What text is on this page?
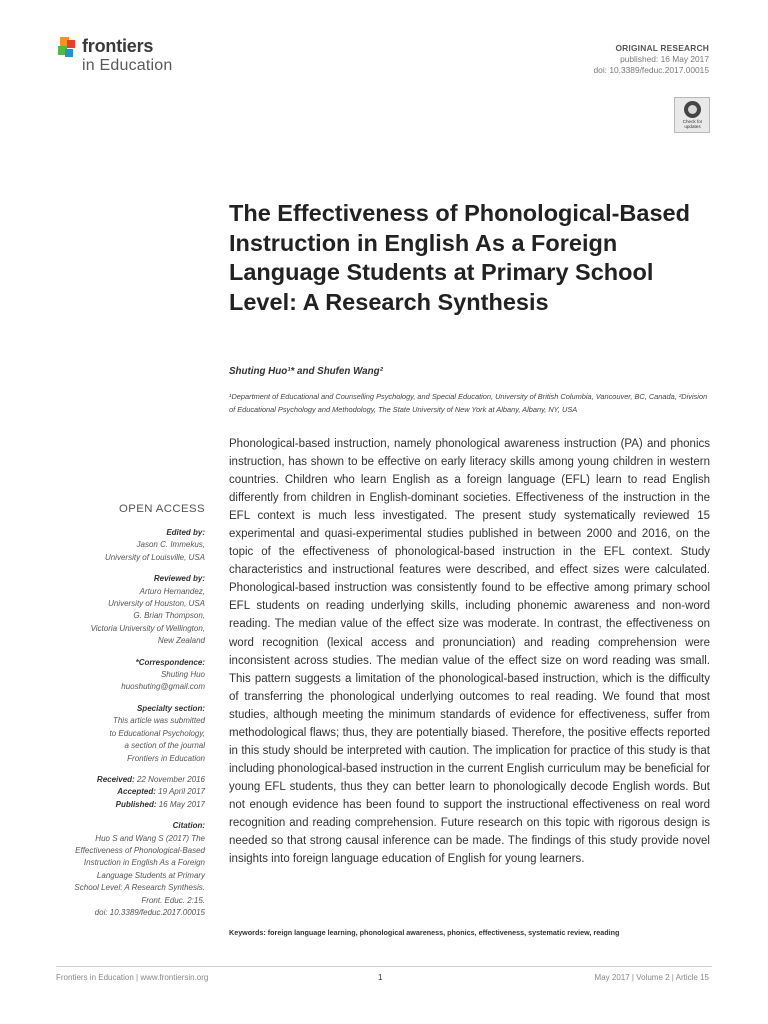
frontiers
in Education
ORIGINAL RESEARCH
published: 16 May 2017
doi: 10.3389/feduc.2017.00015
Check for updates
The Effectiveness of Phonological-Based Instruction in English As a Foreign Language Students at Primary School Level: A Research Synthesis
Shuting Huo¹* and Shufen Wang²
¹Department of Educational and Counselling Psychology, and Special Education, University of British Columbia, Vancouver, BC, Canada, ²Division of Educational Psychology and Methodology, The State University of New York at Albany, Albany, NY, USA

Phonological-based instruction, namely phonological awareness instruction (PA) and phonics instruction, has shown to be effective on early literacy skills among young children in western countries. Children who learn English as a foreign language (EFL) learn to read English differently from children in English-dominant societies. Effectiveness of the instruction in the EFL context is much less investigated. The present study systematically reviewed 15 experimental and quasi-experimental studies published in between 2000 and 2016, on the topic of the effectiveness of phonological-based instruction in the EFL context. Study characteristics and instructional features were described, and effect sizes were calculated. Phonological-based instruction was consistently found to be effective among primary school EFL students on reading underlying skills, including phonemic awareness and non-word reading. The median value of the effect size was moderate. In contrast, the effectiveness on word recognition (lexical access and pronunciation) and reading comprehension were inconsistent across studies. The median value of the effect size on word reading was small. This pattern suggests a limitation of the phonological-based instruction, which is the difficulty of transferring the phonological underlying outcomes to real reading. We found that most studies, although meeting the minimum standards of evidence for effectiveness, suffer from methodological flaws; thus, they are potentially biased. Therefore, the positive effects reported in this study should be interpreted with caution. The implication for practice of this study is that including phonological-based instruction in the current English curriculum may be beneficial for young EFL students, thus they can better learn to phonologically decode English words. But not enough evidence has been found to support the instructional effectiveness on real word recognition and reading comprehension. Future research on this topic with rigorous design is needed so that strong causal inference can be made. The findings of this study provide novel insights into foreign language education of English for young learners.

Keywords: foreign language learning, phonological awareness, phonics, effectiveness, systematic review, reading
OPEN ACCESS
Edited by:
Jason C. Immekus,
University of Louisville, USA
Reviewed by:
Arturo Hernandez,
University of Houston, USA
G. Brian Thompson,
Victoria University of Wellington,
New Zealand
*Correspondence:
Shuting Huo
huoshuting@gmail.com
Specialty section:
This article was submitted
to Educational Psychology,
a section of the journal
Frontiers in Education
Received: 22 November 2016
Accepted: 19 April 2017
Published: 16 May 2017
Citation:
Huo S and Wang S (2017) The
Effectiveness of Phonological-Based
Instruction in English As a Foreign
Language Students at Primary
School Level: A Research Synthesis.
Front. Educ. 2:15.
doi: 10.3389/feduc.2017.00015
Frontiers in Education | www.frontiersin.org	1	May 2017 | Volume 2 | Article 15
